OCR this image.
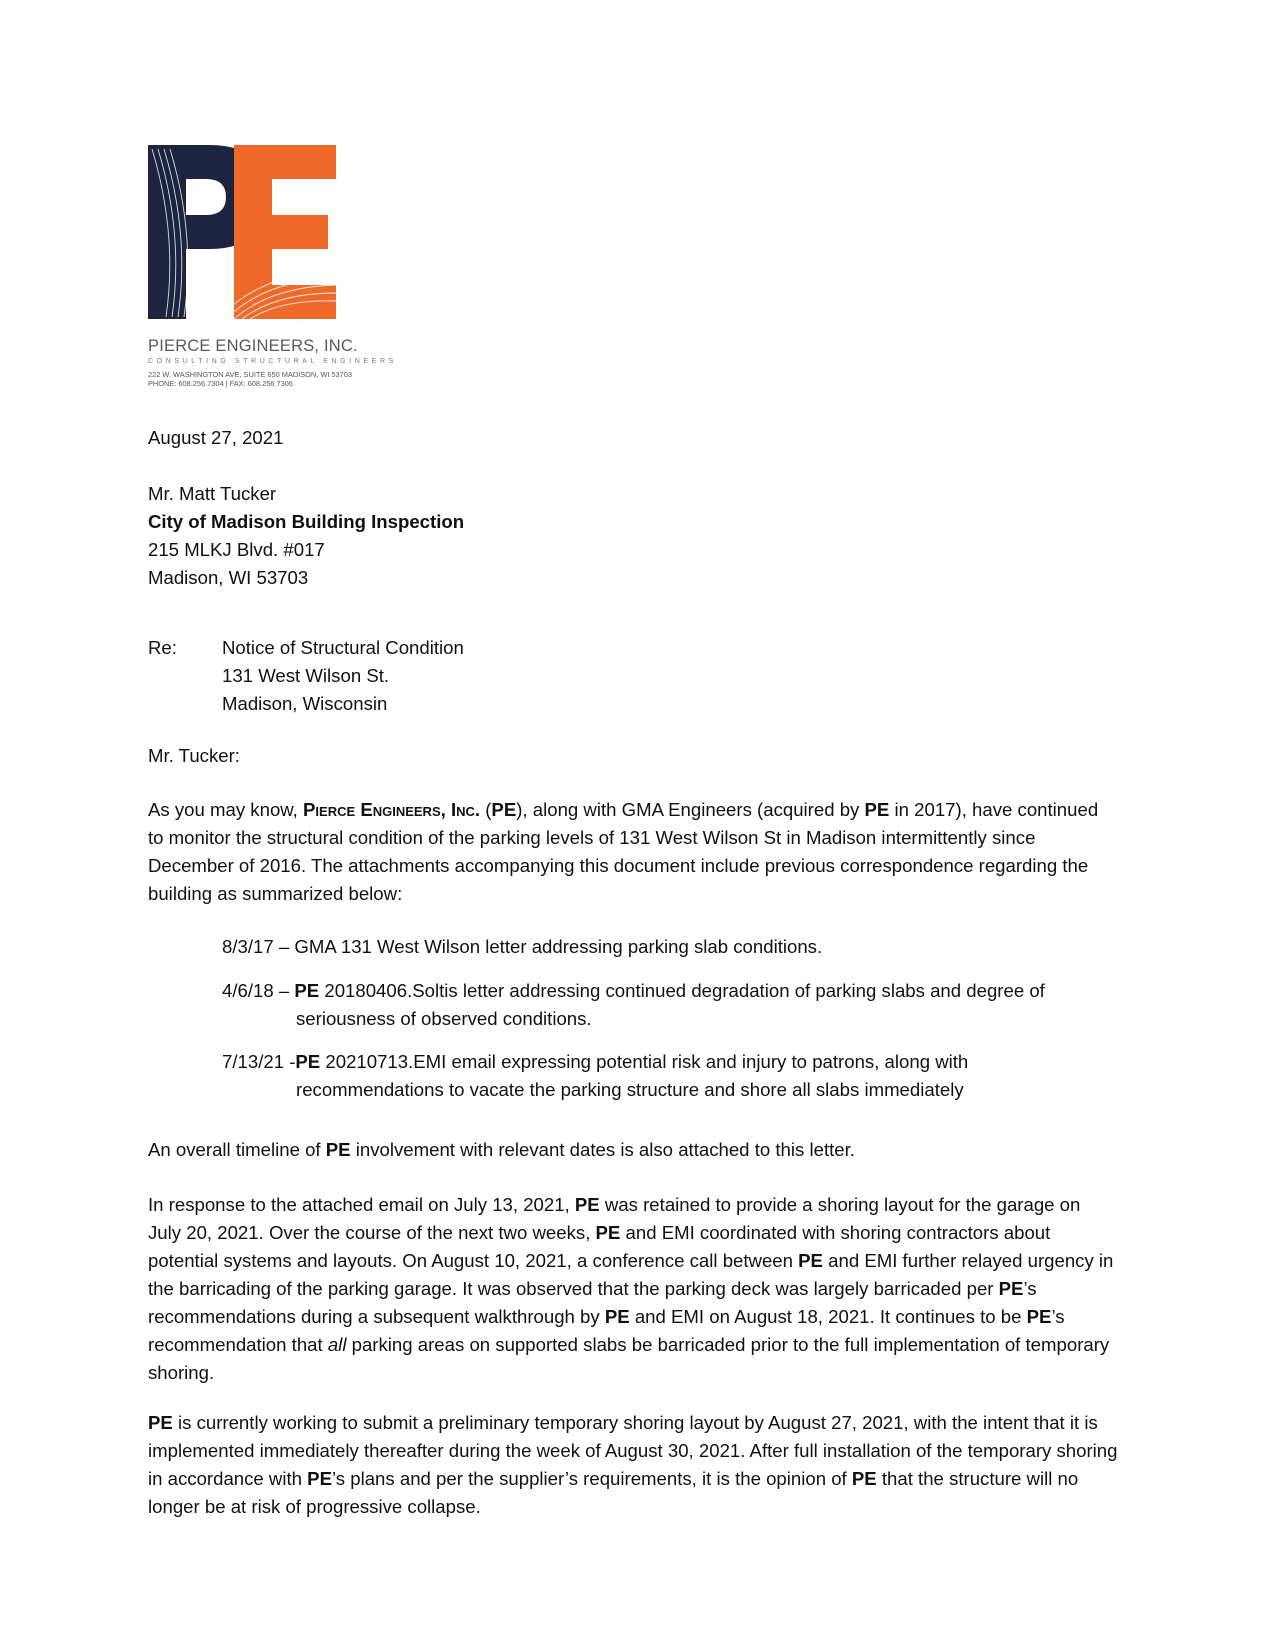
PIERCE ENGINEERS, INC.
CONSULTING STRUCTURAL ENGINEERS
222 W. WASHINGTON AVE, SUITE 650 MADISON, WI 53703
PHONE: 608.256.7304 | FAX: 608.256.7306
August 27, 2021
Mr. Matt Tucker
City of Madison Building Inspection
215 MLKJ Blvd. #017
Madison, WI 53703
Re: Notice of Structural Condition
131 West Wilson St.
Madison, Wisconsin
Mr. Tucker:
As you may know, Pierce Engineers, Inc. (PE), along with GMA Engineers (acquired by PE in 2017), have continued to monitor the structural condition of the parking levels of 131 West Wilson St in Madison intermittently since December of 2016. The attachments accompanying this document include previous correspondence regarding the building as summarized below:
8/3/17 – GMA 131 West Wilson letter addressing parking slab conditions.
4/6/18 – PE 20180406.Soltis letter addressing continued degradation of parking slabs and degree of
seriousness of observed conditions.
7/13/21 -PE 20210713.EMI email expressing potential risk and injury to patrons, along with
recommendations to vacate the parking structure and shore all slabs immediately
An overall timeline of PE involvement with relevant dates is also attached to this letter.
In response to the attached email on July 13, 2021, PE was retained to provide a shoring layout for the garage on July 20, 2021. Over the course of the next two weeks, PE and EMI coordinated with shoring contractors about potential systems and layouts. On August 10, 2021, a conference call between PE and EMI further relayed urgency in the barricading of the parking garage. It was observed that the parking deck was largely barricaded per PE’s recommendations during a subsequent walkthrough by PE and EMI on August 18, 2021. It continues to be PE’s recommendation that all parking areas on supported slabs be barricaded prior to the full implementation of temporary shoring.
PE is currently working to submit a preliminary temporary shoring layout by August 27, 2021, with the intent that it is implemented immediately thereafter during the week of August 30, 2021. After full installation of the temporary shoring in accordance with PE’s plans and per the supplier’s requirements, it is the opinion of PE that the structure will no longer be at risk of progressive collapse.
